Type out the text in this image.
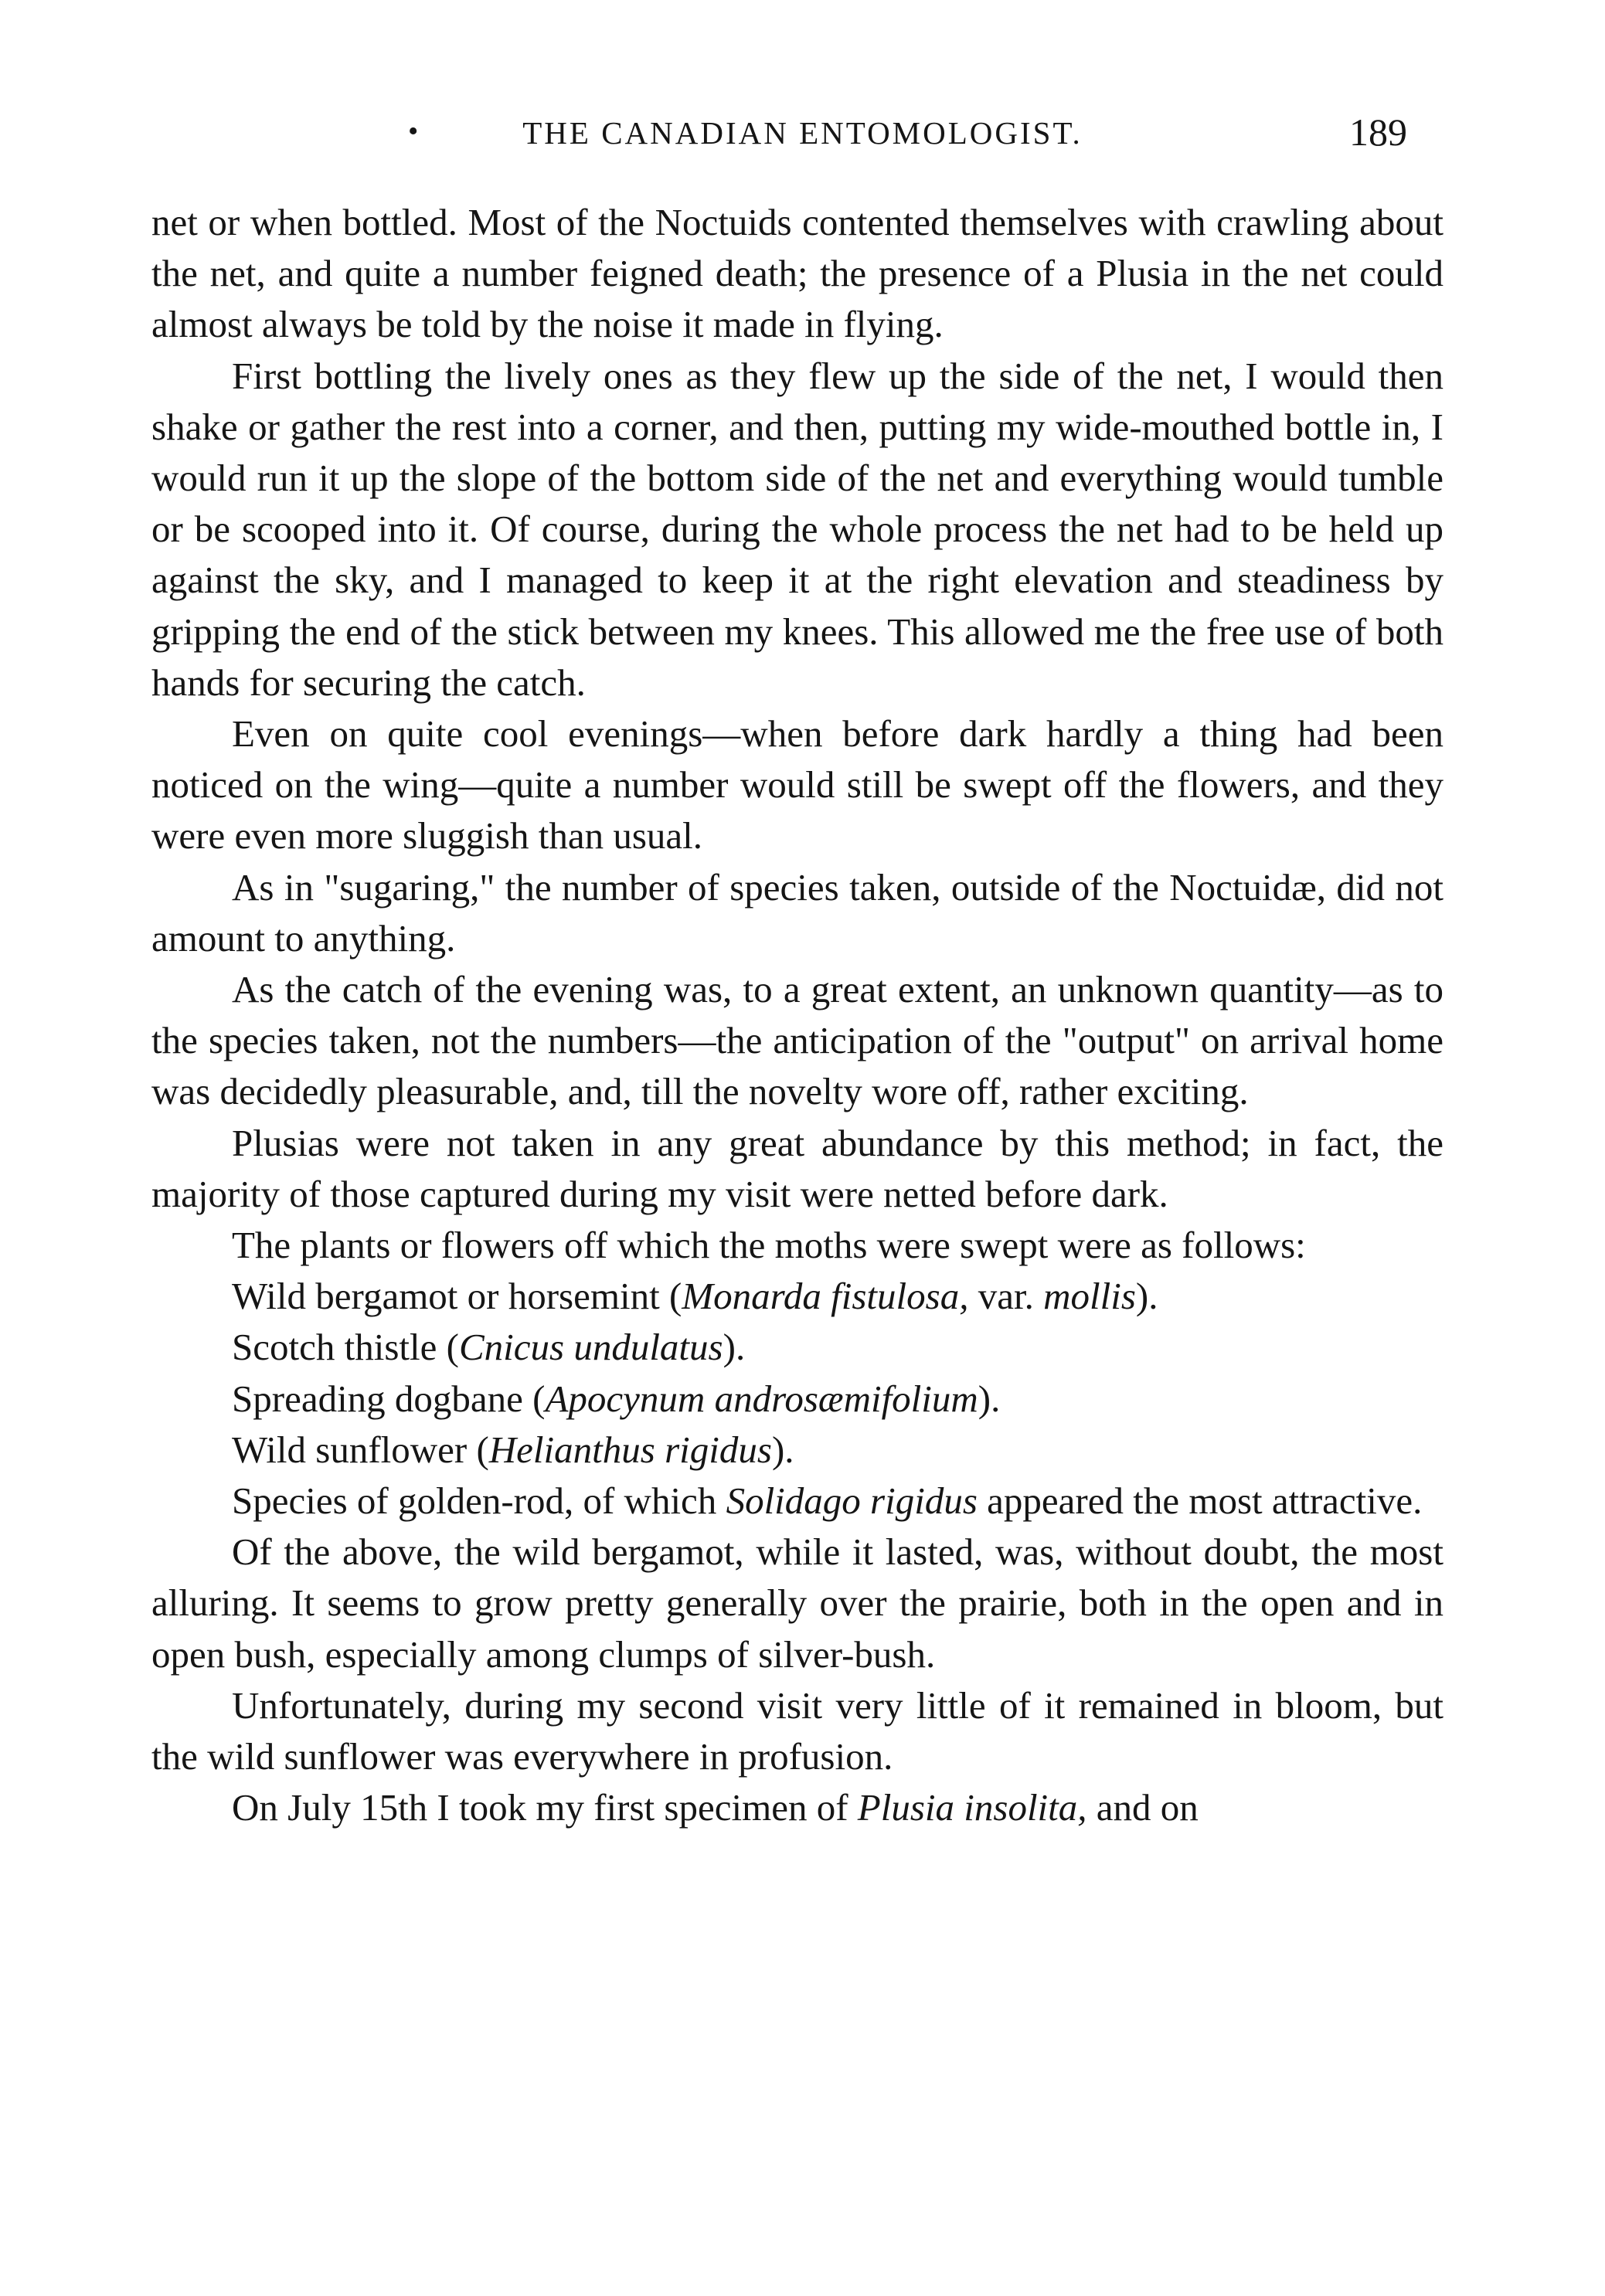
•	THE CANADIAN ENTOMOLOGIST.	189

net or when bottled. Most of the Noctuids contented themselves with crawling about the net, and quite a number feigned death; the presence of a Plusia in the net could almost always be told by the noise it made in flying.

First bottling the lively ones as they flew up the side of the net, I would then shake or gather the rest into a corner, and then, putting my wide-mouthed bottle in, I would run it up the slope of the bottom side of the net and everything would tumble or be scooped into it. Of course, during the whole process the net had to be held up against the sky, and I managed to keep it at the right elevation and steadiness by gripping the end of the stick between my knees. This allowed me the free use of both hands for securing the catch.

Even on quite cool evenings—when before dark hardly a thing had been noticed on the wing—quite a number would still be swept off the flowers, and they were even more sluggish than usual.

As in "sugaring," the number of species taken, outside of the Noctuidæ, did not amount to anything.

As the catch of the evening was, to a great extent, an unknown quantity—as to the species taken, not the numbers—the anticipation of the "output" on arrival home was decidedly pleasurable, and, till the novelty wore off, rather exciting.

Plusias were not taken in any great abundance by this method; in fact, the majority of those captured during my visit were netted before dark.

The plants or flowers off which the moths were swept were as follows:

Wild bergamot or horsemint (Monarda fistulosa, var. mollis).

Scotch thistle (Cnicus undulatus).

Spreading dogbane (Apocynum androsæmifolium).

Wild sunflower (Helianthus rigidus).

Species of golden-rod, of which Solidago rigidus appeared the most attractive.

Of the above, the wild bergamot, while it lasted, was, without doubt, the most alluring. It seems to grow pretty generally over the prairie, both in the open and in open bush, especially among clumps of silver-bush.

Unfortunately, during my second visit very little of it remained in bloom, but the wild sunflower was everywhere in profusion.

On July 15th I took my first specimen of Plusia insolita, and on
